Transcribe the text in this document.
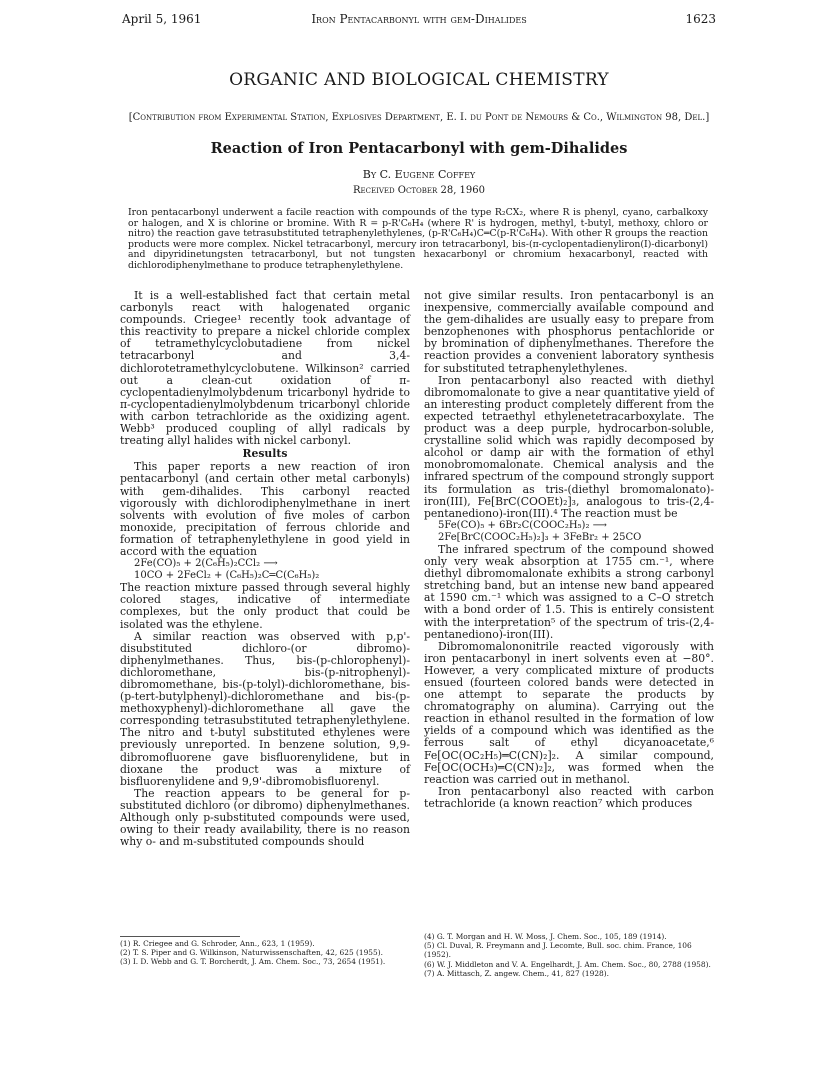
April 5, 1961	Iron Pentacarbonyl with gem-Dihalides	1623
ORGANIC AND BIOLOGICAL CHEMISTRY
[Contribution from Experimental Station, Explosives Department, E. I. du Pont de Nemours & Co., Wilmington 98, Del.]
Reaction of Iron Pentacarbonyl with gem-Dihalides
By C. Eugene Coffey
Received October 28, 1960
Iron pentacarbonyl underwent a facile reaction with compounds of the type R₂CX₂, where R is phenyl, cyano, carbalkoxy or halogen, and X is chlorine or bromine. With R = p-R'C₆H₄ (where R' is hydrogen, methyl, t-butyl, methoxy, chloro or nitro) the reaction gave tetrasubstituted tetraphenylethylenes, (p-R'C₆H₄)C═C(p-R'C₆H₄). With other R groups the reaction products were more complex. Nickel tetracarbonyl, mercury iron tetracarbonyl, bis-(π-cyclopentadienyliron(I)-dicarbonyl) and dipyridinetungsten tetracarbonyl, but not tungsten hexacarbonyl or chromium hexacarbonyl, reacted with dichlorodiphenylmethane to produce tetraphenylethylene.

It is a well-established fact that certain metal carbonyls react with halogenated organic compounds. Criegee¹ recently took advantage of this reactivity to prepare a nickel chloride complex of tetramethylcyclobutadiene from nickel tetracarbonyl and 3,4-dichlorotetramethylcyclobutene. Wilkinson² carried out a clean-cut oxidation of π-cyclopentadienylmolybdenum tricarbonyl hydride to π-cyclopentadienylmolybdenum tricarbonyl chloride with carbon tetrachloride as the oxidizing agent. Webb³ produced coupling of allyl radicals by treating allyl halides with nickel carbonyl.

Results

This paper reports a new reaction of iron pentacarbonyl (and certain other metal carbonyls) with gem-dihalides. This carbonyl reacted vigorously with dichlorodiphenylmethane in inert solvents with evolution of five moles of carbon monoxide, precipitation of ferrous chloride and formation of tetraphenylethylene in good yield in accord with the equation

2Fe(CO)₅ + 2(C₆H₅)₂CCl₂ ⟶

10CO + 2FeCl₂ + (C₆H₅)₂C═C(C₆H₅)₂

The reaction mixture passed through several highly colored stages, indicative of intermediate complexes, but the only product that could be isolated was the ethylene.

A similar reaction was observed with p,p'-disubstituted dichloro-(or dibromo)-diphenylmethanes. Thus, bis-(p-chlorophenyl)-dichloromethane, bis-(p-nitrophenyl)-dibromomethane, bis-(p-tolyl)-dichloromethane, bis-(p-tert-butylphenyl)-dichloromethane and bis-(p-methoxyphenyl)-dichloromethane all gave the corresponding tetrasubstituted tetraphenylethylene. The nitro and t-butyl substituted ethylenes were previously unreported. In benzene solution, 9,9-dibromofluorene gave bisfluorenylidene, but in dioxane the product was a mixture of bisfluorenylidene and 9,9'-dibromobisfluorenyl.

The reaction appears to be general for p-substituted dichloro (or dibromo) diphenylmethanes. Although only p-substituted compounds were used, owing to their ready availability, there is no reason why o- and m-substituted compounds should

(1) R. Criegee and G. Schroder, Ann., 623, 1 (1959).

(2) T. S. Piper and G. Wilkinson, Naturwissenschaften, 42, 625 (1955).

(3) I. D. Webb and G. T. Borcherdt, J. Am. Chem. Soc., 73, 2654 (1951).

not give similar results. Iron pentacarbonyl is an inexpensive, commercially available compound and the gem-dihalides are usually easy to prepare from benzophenones with phosphorus pentachloride or by bromination of diphenylmethanes. Therefore the reaction provides a convenient laboratory synthesis for substituted tetraphenylethylenes.

Iron pentacarbonyl also reacted with diethyl dibromomalonate to give a near quantitative yield of an interesting product completely different from the expected tetraethyl ethylenetetracarboxylate. The product was a deep purple, hydrocarbon-soluble, crystalline solid which was rapidly decomposed by alcohol or damp air with the formation of ethyl monobromomalonate. Chemical analysis and the infrared spectrum of the compound strongly support its formulation as tris-(diethyl bromomalonato)-iron(III), Fe[BrC(COOEt)₂]₃, analogous to tris-(2,4-pentanediono)-iron(III).⁴ The reaction must be

5Fe(CO)₅ + 6Br₂C(COOC₂H₅)₂ ⟶

2Fe[BrC(COOC₂H₅)₂]₃ + 3FeBr₂ + 25CO

The infrared spectrum of the compound showed only very weak absorption at 1755 cm.⁻¹, where diethyl dibromomalonate exhibits a strong carbonyl stretching band, but an intense new band appeared at 1590 cm.⁻¹ which was assigned to a C–O stretch with a bond order of 1.5. This is entirely consistent with the interpretation⁵ of the spectrum of tris-(2,4-pentanediono)-iron(III).

Dibromomalononitrile reacted vigorously with iron pentacarbonyl in inert solvents even at −80°. However, a very complicated mixture of products ensued (fourteen colored bands were detected in one attempt to separate the products by chromatography on alumina). Carrying out the reaction in ethanol resulted in the formation of low yields of a compound which was identified as the ferrous salt of ethyl dicyanoacetate,⁶ Fe[OC(OC₂H₅)═C(CN)₂]₂. A similar compound, Fe[OC(OCH₃)═C(CN)₂]₂, was formed when the reaction was carried out in methanol.

Iron pentacarbonyl also reacted with carbon tetrachloride (a known reaction⁷ which produces

(4) G. T. Morgan and H. W. Moss, J. Chem. Soc., 105, 189 (1914).

(5) Cl. Duval, R. Freymann and J. Lecomte, Bull. soc. chim. France, 106 (1952).

(6) W. J. Middleton and V. A. Engelhardt, J. Am. Chem. Soc., 80, 2788 (1958).

(7) A. Mittasch, Z. angew. Chem., 41, 827 (1928).
